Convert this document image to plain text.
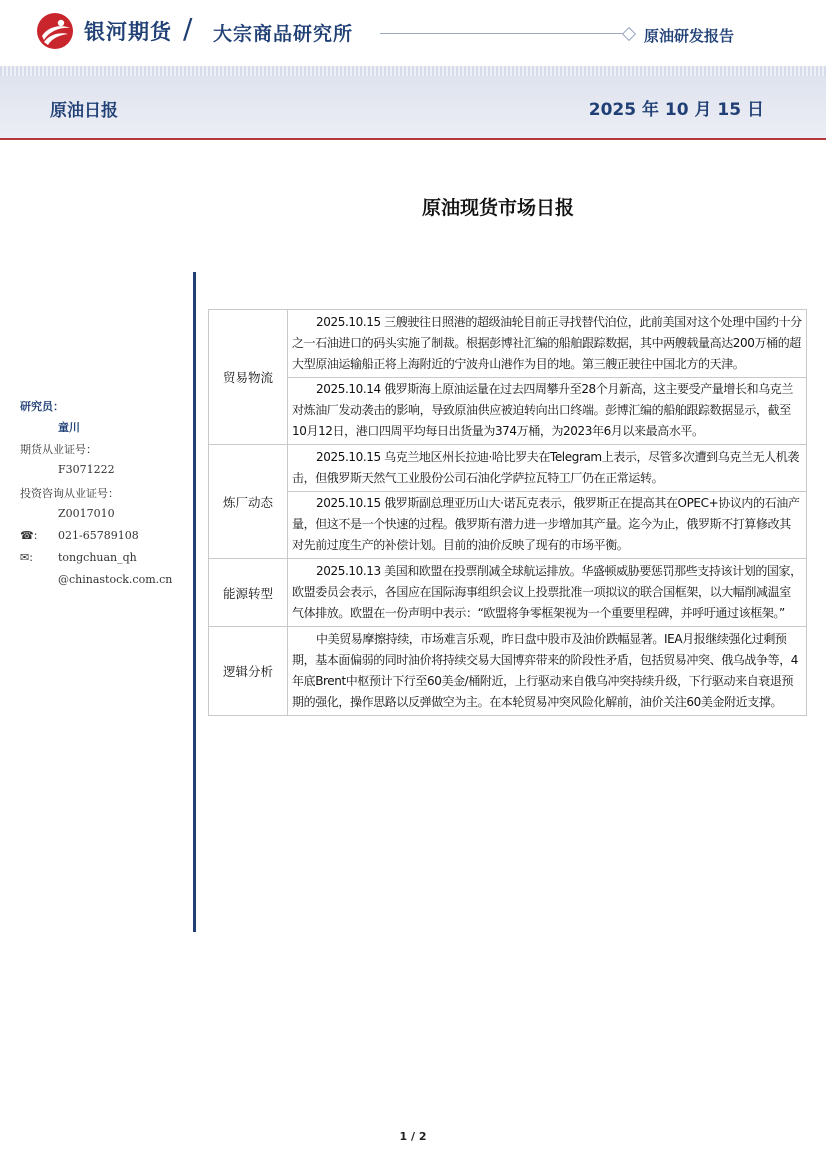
银河期货 / 大宗商品研究所	原油研发报告
原油日报	2025 年 10 月 15 日
原油现货市场日报
研究员：
童川
期货从业证号：
F3071222
投资咨询从业证号：
Z0017010
☎: 021-65789108
✉: tongchuan_qh
@chinastock.com.cn
贸易物流	2025.10.15 三艘驶往日照港的超级油轮目前正寻找替代泊位，此前美国对这个处理中国约十分之一石油进口的码头实施了制裁。根据彭博社汇编的船舶跟踪数据，其中两艘载量高达200万桶的超大型原油运输船正将上海附近的宁波舟山港作为目的地。第三艘正驶往中国北方的天津。

2025.10.14 俄罗斯海上原油运量在过去四周攀升至28个月新高，这主要受产量增长和乌克兰对炼油厂发动袭击的影响，导致原油供应被迫转向出口终端。彭博汇编的船舶跟踪数据显示，截至10月12日，港口四周平均每日出货量为374万桶，为2023年6月以来最高水平。

炼厂动态	2025.10.15 乌克兰地区州长拉迪·哈比罗夫在Telegram上表示，尽管多次遭到乌克兰无人机袭击，但俄罗斯天然气工业股份公司石油化学萨拉瓦特工厂仍在正常运转。

2025.10.15 俄罗斯副总理亚历山大·诺瓦克表示，俄罗斯正在提高其在OPEC+协议内的石油产量，但这不是一个快速的过程。俄罗斯有潜力进一步增加其产量。迄今为止，俄罗斯不打算修改其对先前过度生产的补偿计划。目前的油价反映了现有的市场平衡。

能源转型	2025.10.13 美国和欧盟在投票削减全球航运排放。华盛顿威胁要惩罚那些支持该计划的国家，欧盟委员会表示，各国应在国际海事组织会议上投票批准一项拟议的联合国框架，以大幅削减温室气体排放。欧盟在一份声明中表示：“欧盟将争零框架视为一个重要里程碑，并呼吁通过该框架。”

逻辑分析	中美贸易摩擦持续，市场难言乐观，昨日盘中股市及油价跌幅显著。IEA月报继续强化过剩预期，基本面偏弱的同时油价将持续交易大国博弈带来的阶段性矛盾，包括贸易冲突、俄乌战争等，4年底Brent中枢预计下行至60美金/桶附近，上行驱动来自俄乌冲突持续升级，下行驱动来自衰退预期的强化，操作思路以反弹做空为主。在本轮贸易冲突风险化解前，油价关注60美金附近支撑。

1 / 2
